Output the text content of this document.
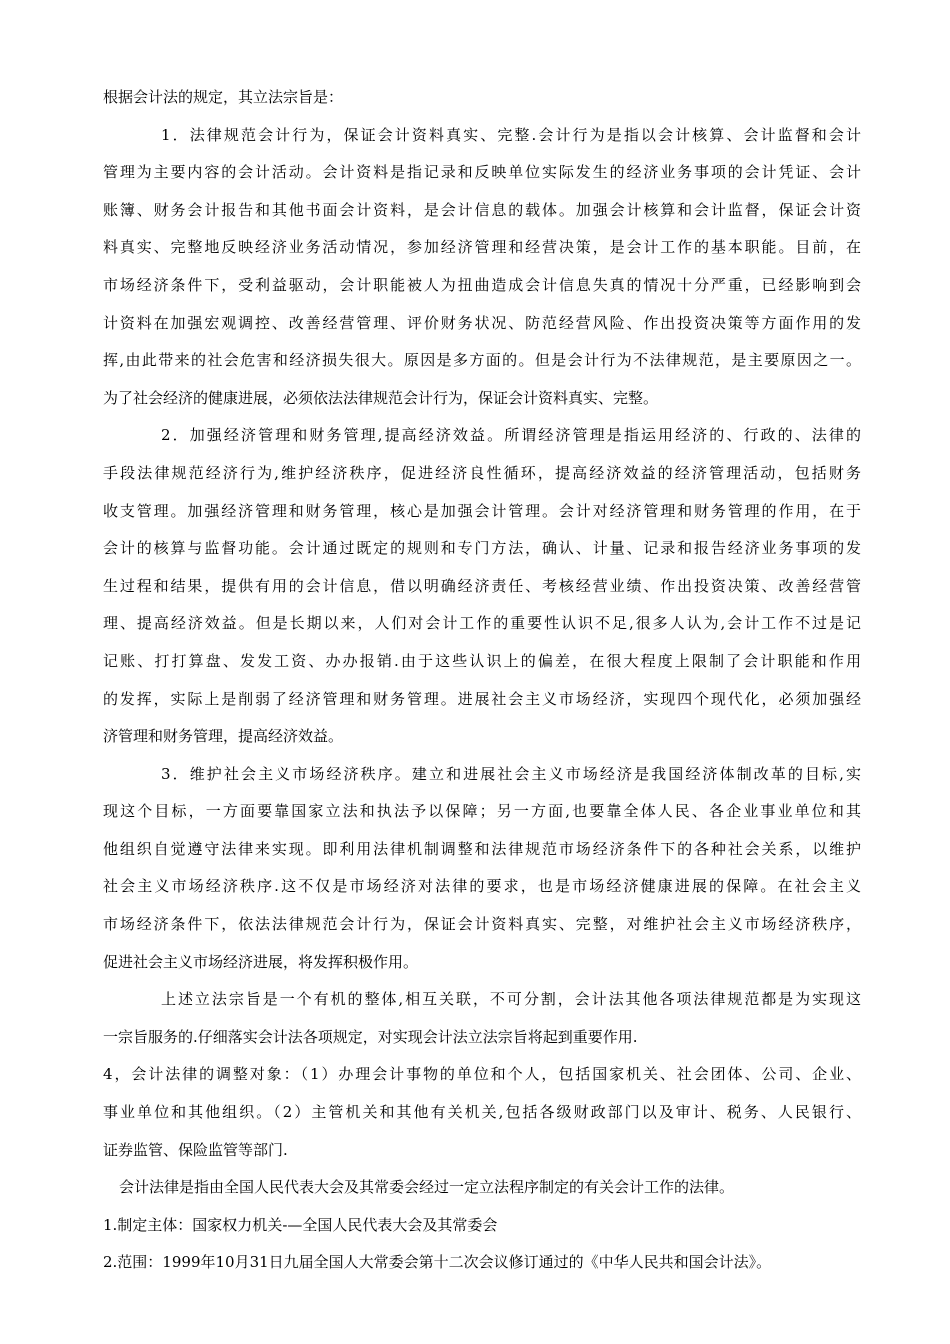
根据会计法的规定，其立法宗旨是：
1．法律规范会计行为，保证会计资料真实、完整.会计行为是指以会计核算、会计监督和会计
管理为主要内容的会计活动。会计资料是指记录和反映单位实际发生的经济业务事项的会计凭证、会计
账簿、财务会计报告和其他书面会计资料，是会计信息的载体。加强会计核算和会计监督，保证会计资
料真实、完整地反映经济业务活动情况，参加经济管理和经营决策，是会计工作的基本职能。目前，在
市场经济条件下，受利益驱动，会计职能被人为扭曲造成会计信息失真的情况十分严重，已经影响到会
计资料在加强宏观调控、改善经营管理、评价财务状况、防范经营风险、作出投资决策等方面作用的发
挥,由此带来的社会危害和经济损失很大。原因是多方面的。但是会计行为不法律规范，是主要原因之一。
为了社会经济的健康进展，必须依法法律规范会计行为，保证会计资料真实、完整。
2．加强经济管理和财务管理,提高经济效益。所谓经济管理是指运用经济的、行政的、法律的
手段法律规范经济行为,维护经济秩序，促进经济良性循环，提高经济效益的经济管理活动，包括财务
收支管理。加强经济管理和财务管理，核心是加强会计管理。会计对经济管理和财务管理的作用，在于
会计的核算与监督功能。会计通过既定的规则和专门方法，确认、计量、记录和报告经济业务事项的发
生过程和结果，提供有用的会计信息，借以明确经济责任、考核经营业绩、作出投资决策、改善经营管
理、提高经济效益。但是长期以来，人们对会计工作的重要性认识不足,很多人认为,会计工作不过是记
记账、打打算盘、发发工资、办办报销.由于这些认识上的偏差，在很大程度上限制了会计职能和作用
的发挥，实际上是削弱了经济管理和财务管理。进展社会主义市场经济，实现四个现代化，必须加强经
济管理和财务管理，提高经济效益。
3．维护社会主义市场经济秩序。建立和进展社会主义市场经济是我国经济体制改革的目标,实
现这个目标，一方面要靠国家立法和执法予以保障；另一方面,也要靠全体人民、各企业事业单位和其
他组织自觉遵守法律来实现。即利用法律机制调整和法律规范市场经济条件下的各种社会关系，以维护
社会主义市场经济秩序.这不仅是市场经济对法律的要求，也是市场经济健康进展的保障。在社会主义
市场经济条件下，依法法律规范会计行为，保证会计资料真实、完整，对维护社会主义市场经济秩序，
促进社会主义市场经济进展，将发挥积极作用。
上述立法宗旨是一个有机的整体,相互关联，不可分割，会计法其他各项法律规范都是为实现这
一宗旨服务的.仔细落实会计法各项规定，对实现会计法立法宗旨将起到重要作用.
4，会计法律的调整对象：（1）办理会计事物的单位和个人，包括国家机关、社会团体、公司、企业、
事业单位和其他组织。（2）主管机关和其他有关机关,包括各级财政部门以及审计、税务、人民银行、
证券监管、保险监管等部门.
会计法律是指由全国人民代表大会及其常委会经过一定立法程序制定的有关会计工作的法律。
1.制定主体：国家权力机关-—全国人民代表大会及其常委会
2.范围：1999年10月31日九届全国人大常委会第十二次会议修订通过的《中华人民共和国会计法》。
